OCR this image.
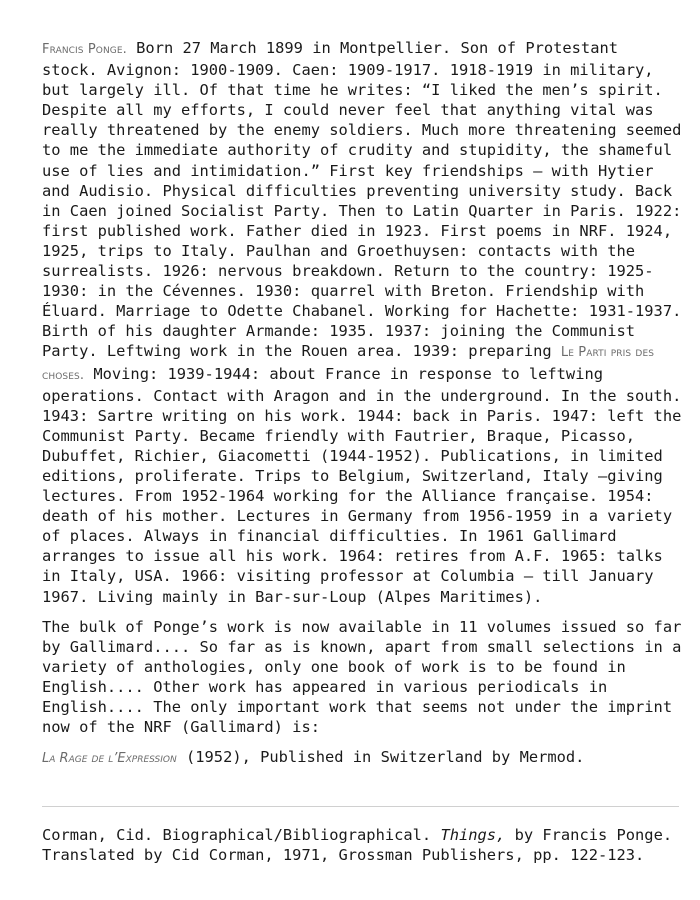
Francis Ponge. Born 27 March 1899 in Montpellier. Son of Protestant stock. Avignon: 1900-1909. Caen: 1909-1917. 1918-1919 in military, but largely ill. Of that time he writes: “I liked the men’s spirit. Despite all my efforts, I could never feel that anything vital was really threatened by the enemy soldiers. Much more threatening seemed to me the immediate authority of crudity and stupidity, the shameful use of lies and intimidation.” First key friendships – with Hytier and Audisio. Physical difficulties preventing university study. Back in Caen joined Socialist Party. Then to Latin Quarter in Paris. 1922: first published work. Father died in 1923. First poems in NRF. 1924, 1925, trips to Italy. Paulhan and Groethuysen: contacts with the surrealists. 1926: nervous breakdown. Return to the country: 1925-1930: in the Cévennes. 1930: quarrel with Breton. Friendship with Éluard. Marriage to Odette Chabanel. Working for Hachette: 1931-1937. Birth of his daughter Armande: 1935. 1937: joining the Communist Party. Leftwing work in the Rouen area. 1939: preparing Le Parti pris des choses. Moving: 1939-1944: about France in response to leftwing operations. Contact with Aragon and in the underground. In the south. 1943: Sartre writing on his work. 1944: back in Paris. 1947: left the Communist Party. Became friendly with Fautrier, Braque, Picasso, Dubuffet, Richier, Giacometti (1944-1952). Publications, in limited editions, proliferate. Trips to Belgium, Switzerland, Italy –giving lectures. From 1952-1964 working for the Alliance française. 1954: death of his mother. Lectures in Germany from 1956-1959 in a variety of places. Always in financial difficulties. In 1961 Gallimard arranges to issue all his work. 1964: retires from A.F. 1965: talks in Italy, USA. 1966: visiting professor at Columbia – till January 1967. Living mainly in Bar-sur-Loup (Alpes Maritimes).

The bulk of Ponge’s work is now available in 11 volumes issued so far by Gallimard.... So far as is known, apart from small selections in a variety of anthologies, only one book of work is to be found in English.... Other work has appeared in various periodicals in English.... The only important work that seems not under the imprint now of the NRF (Gallimard) is:

La Rage de l’Expression (1952), Published in Switzerland by Mermod.

Corman, Cid. Biographical/Bibliographical. Things, by Francis Ponge. Translated by Cid Corman, 1971, Grossman Publishers, pp. 122-123.
